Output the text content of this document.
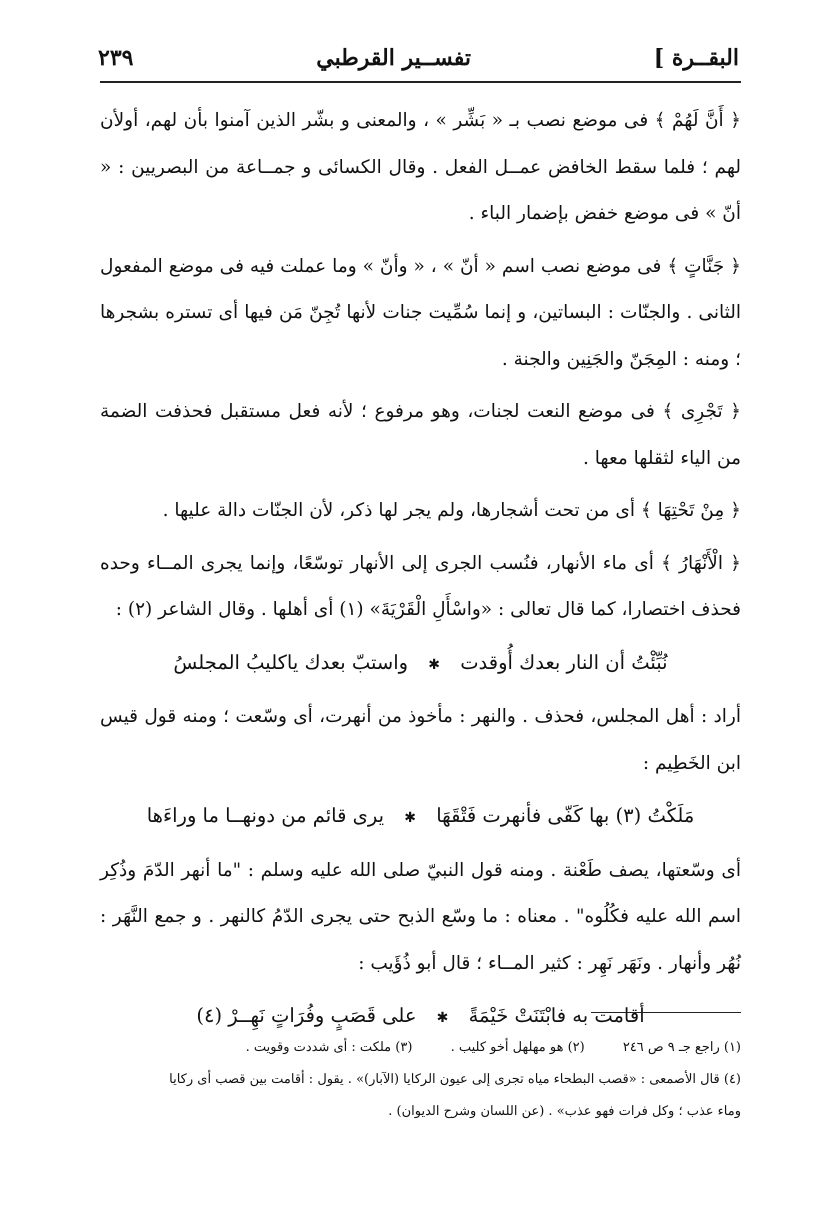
البقــرة ]
تفســير القرطبي
٢٣٩

﴿ أَنَّ لَهُمْ ﴾ فى موضع نصب بـ « بَشِّر » ، والمعنى و بشّر الذين آمنوا بأن لهم، أولأن لهم ؛ فلما سقط الخافض عمــل الفعل . وقال الكسائى و جمــاعة من البصريين : « أنّ » فى موضع خفض بإضمار الباء .

﴿ جَنَّاتٍ ﴾ فى موضع نصب اسم « أنّ » ، « وأنّ » وما عملت فيه فى موضع المفعول الثانى . والجنّات : البساتين، و إنما سُمِّيت جنات لأنها تُجِنّ مَن فيها أى تستره بشجرها ؛ ومنه : المِجَنّ والجَنِين والجنة .

﴿ تَجْرِى ﴾ فى موضع النعت لجنات، وهو مرفوع ؛ لأنه فعل مستقبل فحذفت الضمة من الياء لثقلها معها .

﴿ مِنْ تَحْتِهَا ﴾ أى من تحت أشجارها، ولم يجر لها ذكر، لأن الجنّات دالة عليها .

﴿ الْأَنْهَارُ ﴾ أى ماء الأنهار، فنُسب الجرى إلى الأنهار توسّعًا، وإنما يجرى المــاء وحده فحذف اختصارا، كما قال تعالى : «واسْأَلِ الْقَرْيَةَ» (١) أى أهلها . وقال الشاعر (٢) :

نُبِّئْتُ أن النار بعدك أُوقدت ✱ واستبّ بعدك ياكليبُ المجلسُ

أراد : أهل المجلس، فحذف . والنهر : مأخوذ من أنهرت، أى وسّعت ؛ ومنه قول قيس ابن الخَطِيم :

مَلَكْتُ (٣) بها كَفّى فأنهرت فَتْقَهَا ✱ يرى قائم من دونهــا ما وراءَها

أى وسّعتها، يصف طَعْنة . ومنه قول النبيّ صلى الله عليه وسلم : "ما أنهر الدّمَ وذُكِر اسم الله عليه فكُلُوه" . معناه : ما وسّع الذبح حتى يجرى الدّمُ كالنهر . و جمع النَّهَر : نُهُر وأنهار . ونَهَر نَهِر : كثير المــاء ؛ قال أبو ذُؤَيب :

أقامت به فابْتَنَتْ خَيْمَةً ✱ على قَصَبٍ وفُرَاتٍ نَهِــرْ (٤)

(١) راجع جـ ٩ ص ٢٤٦ (٢) هو مهلهل أخو كليب . (٣) ملكت : أى شددت وقويت .

(٤) قال الأصمعى : «قصب البطحاء مياه تجرى إلى عيون الركايا (الآبار)» . يقول : أقامت بين قصب أى ركايا

وماء عذب ؛ وكل فرات فهو عذب» . (عن اللسان وشرح الديوان) .
